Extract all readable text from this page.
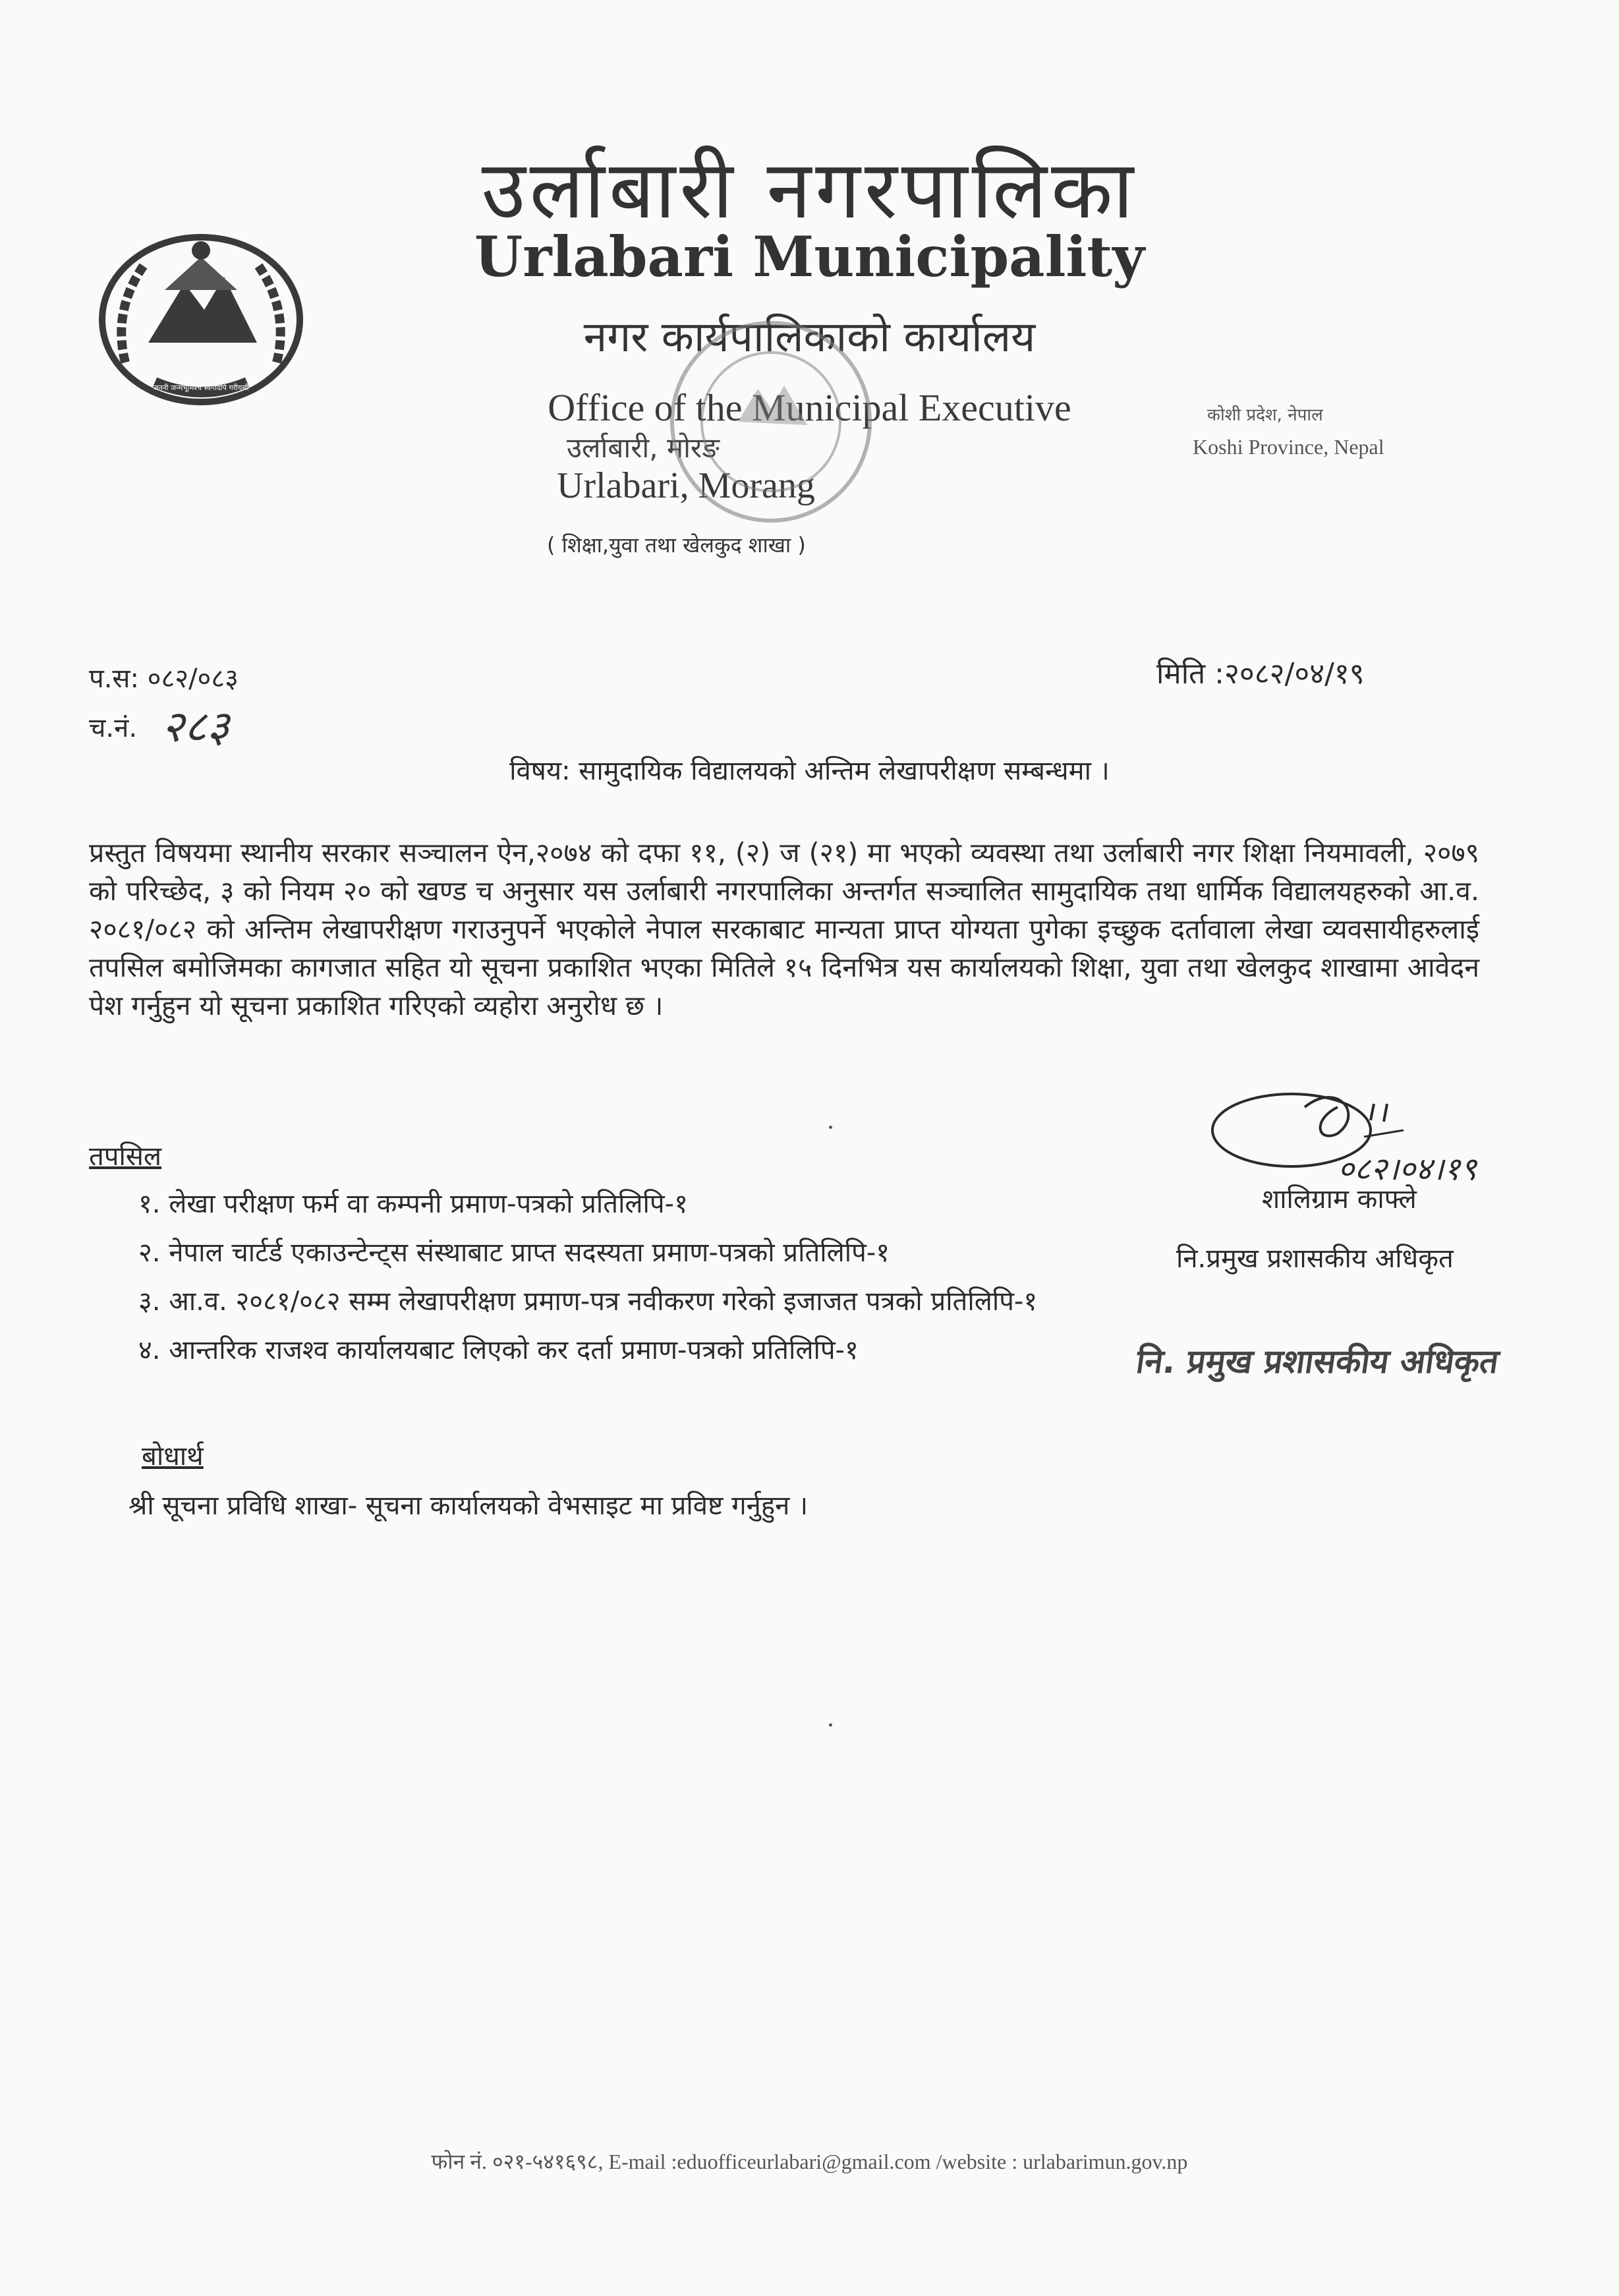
जननी जन्मभूमिश्च स्वर्गादपि गरीयसी
उर्लाबारी नगरपालिका
Urlabari Municipality
नगर कार्यपालिकाको कार्यालय
Office of the Municipal Executive
उर्लाबारी, मोरङ
Urlabari, Morang
( शिक्षा,युवा तथा खेलकुद शाखा )
कोशी प्रदेश, नेपाल
Koshi Province, Nepal
प.स: ०८२/०८३
च.नं. २८३
मिति :२०८२/०४/१९
विषय: सामुदायिक विद्यालयको अन्तिम लेखापरीक्षण सम्बन्धमा ।

प्रस्तुत विषयमा स्थानीय सरकार सञ्चालन ऐन,२०७४ को दफा ११, (२) ज (२१) मा भएको व्यवस्था तथा उर्लाबारी नगर शिक्षा नियमावली, २०७९ को परिच्छेद, ३ को नियम २० को खण्ड च अनुसार यस उर्लाबारी नगरपालिका अन्तर्गत सञ्चालित सामुदायिक तथा धार्मिक विद्यालयहरुको आ.व. २०८१/०८२ को अन्तिम लेखापरीक्षण गराउनुपर्ने भएकोले नेपाल सरकाबाट मान्यता प्राप्त योग्यता पुगेका इच्छुक दर्तावाला लेखा व्यवसायीहरुलाई तपसिल बमोजिमका कागजात सहित यो सूचना प्रकाशित भएका मितिले १५ दिनभित्र यस कार्यालयको शिक्षा, युवा तथा खेलकुद शाखामा आवेदन पेश गर्नुहुन यो सूचना प्रकाशित गरिएको व्यहोरा अनुरोध छ ।

तपसिल
१. लेखा परीक्षण फर्म वा कम्पनी प्रमाण-पत्रको प्रतिलिपि-१
२. नेपाल चार्टर्ड एकाउन्टेन्ट्स संस्थाबाट प्राप्त सदस्यता प्रमाण-पत्रको प्रतिलिपि-१
३. आ.व. २०८१/०८२ सम्म लेखापरीक्षण प्रमाण-पत्र नवीकरण गरेको इजाजत पत्रको प्रतिलिपि-१
४. आन्तरिक राजश्व कार्यालयबाट लिएको कर दर्ता प्रमाण-पत्रको प्रतिलिपि-१
०८२।०४।१९
शालिग्राम काफ्ले
नि.प्रमुख प्रशासकीय अधिकृत
नि. प्रमुख प्रशासकीय अधिकृत
बोधार्थ
श्री सूचना प्रविधि शाखा- सूचना कार्यालयको वेभसाइट मा प्रविष्ट गर्नुहुन ।
फोन नं. ०२१-५४१६९८, E-mail :eduofficeurlabari@gmail.com /website : urlabarimun.gov.np
